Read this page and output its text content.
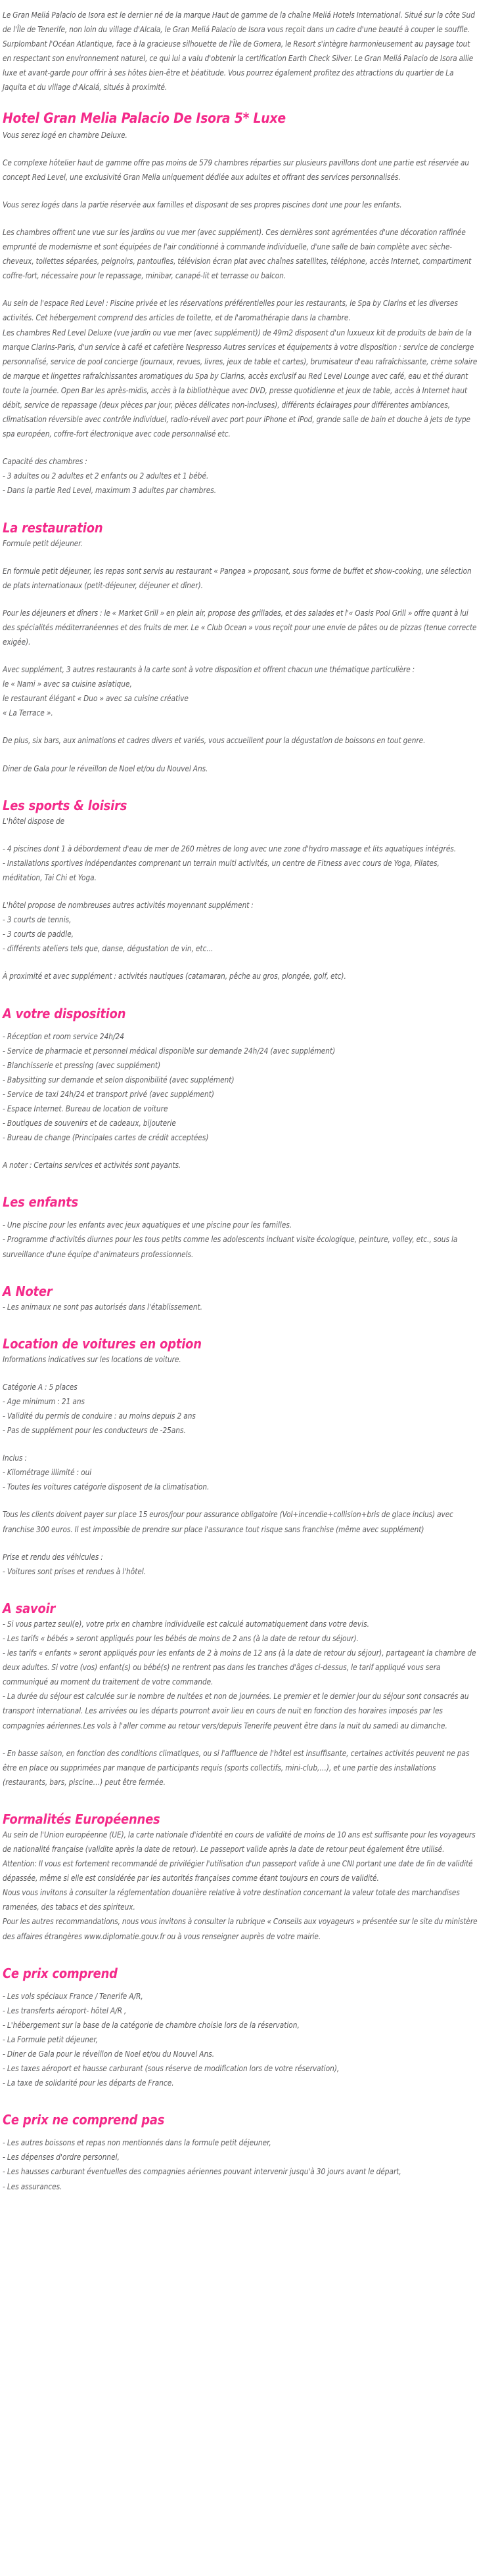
Le Gran Meliá Palacio de Isora est le dernier né de la marque Haut de gamme de la chaîne Meliá Hotels International. Situé sur la côte Sud de l'Île de Tenerife, non loin du village d'Alcala, le Gran Meliá Palacio de Isora vous reçoit dans un cadre d'une beauté à couper le souffle. Surplombant l'Océan Atlantique, face à la gracieuse silhouette de l'Île de Gomera, le Resort s'intègre harmonieusement au paysage tout en respectant son environnement naturel, ce qui lui a valu d'obtenir la certification Earth Check Silver. Le Gran Meliá Palacio de Isora allie luxe et avant-garde pour offrir à ses hôtes bien-être et béatitude. Vous pourrez également profitez des attractions du quartier de La Jaquita et du village d'Alcalá, situés à proximité.

Hotel Gran Melia Palacio De Isora 5* Luxe

Vous serez logé en chambre Deluxe.

Ce complexe hôtelier haut de gamme offre pas moins de 579 chambres réparties sur plusieurs pavillons dont une partie est réservée au concept Red Level, une exclusivité Gran Melia uniquement dédiée aux adultes et offrant des services personnalisés.

Vous serez logés dans la partie réservée aux familles et disposant de ses propres piscines dont une pour les enfants.

Les chambres offrent une vue sur les jardins ou vue mer (avec supplément). Ces dernières sont agrémentées d'une décoration raffinée emprunté de modernisme et sont équipées de l'air conditionné à commande individuelle, d'une salle de bain complète avec sèche-cheveux, toilettes séparées, peignoirs, pantoufles, télévision écran plat avec chaînes satellites, téléphone, accès Internet, compartiment coffre-fort, nécessaire pour le repassage, minibar, canapé-lit et terrasse ou balcon.

Au sein de l'espace Red Level : Piscine privée et les réservations préférentielles pour les restaurants, le Spa by Clarins et les diverses activités. Cet hébergement comprend des articles de toilette, et de l'aromathérapie dans la chambre.

Les chambres Red Level Deluxe (vue jardin ou vue mer (avec supplément)) de 49m2 disposent d'un luxueux kit de produits de bain de la marque Clarins-Paris, d'un service à café et cafetière Nespresso Autres services et équipements à votre disposition : service de concierge personnalisé, service de pool concierge (journaux, revues, livres, jeux de table et cartes), brumisateur d'eau rafraîchissante, crème solaire de marque et lingettes rafraîchissantes aromatiques du Spa by Clarins, accès exclusif au Red Level Lounge avec café, eau et thé durant toute la journée. Open Bar les après-midis, accès à la bibliothèque avec DVD, presse quotidienne et jeux de table, accès à Internet haut débit, service de repassage (deux pièces par jour, pièces délicates non-incluses), différents éclairages pour différentes ambiances, climatisation réversible avec contrôle individuel, radio-réveil avec port pour iPhone et iPod, grande salle de bain et douche à jets de type spa européen, coffre-fort électronique avec code personnalisé etc.

Capacité des chambres :

- 3 adultes ou 2 adultes et 2 enfants ou 2 adultes et 1 bébé.
- Dans la partie Red Level, maximum 3 adultes par chambres.
La restauration

Formule petit déjeuner.

En formule petit déjeuner, les repas sont servis au restaurant « Pangea » proposant, sous forme de buffet et show-cooking, une sélection de plats internationaux (petit-déjeuner, déjeuner et dîner).

Pour les déjeuners et dîners : le « Market Grill » en plein air, propose des grillades, et des salades et l'« Oasis Pool Grill » offre quant à lui des spécialités méditerranéennes et des fruits de mer. Le « Club Ocean » vous reçoit pour une envie de pâtes ou de pizzas (tenue correcte exigée).

Avec supplément, 3 autres restaurants à la carte sont à votre disposition et offrent chacun une thématique particulière :

le « Nami » avec sa cuisine asiatique,
le restaurant élégant « Duo » avec sa cuisine créative
« La Terrace ».

De plus, six bars, aux animations et cadres divers et variés, vous accueillent pour la dégustation de boissons en tout genre.

Diner de Gala pour le réveillon de Noel et/ou du Nouvel Ans.

Les sports & loisirs

L'hôtel dispose de

- 4 piscines dont 1 à débordement d'eau de mer de 260 mètres de long avec une zone d'hydro massage et lits aquatiques intégrés.
- Installations sportives indépendantes comprenant un terrain multi activités, un centre de Fitness avec cours de Yoga, Pilates, méditation, Tai Chi et Yoga.

L'hôtel propose de nombreuses autres activités moyennant supplément :

- 3 courts de tennis,
- 3 courts de paddle,
- différents ateliers tels que, danse, dégustation de vin, etc...

À proximité et avec supplément : activités nautiques (catamaran, pêche au gros, plongée, golf, etc).

A votre disposition
- Réception et room service 24h/24
- Service de pharmacie et personnel médical disponible sur demande 24h/24 (avec supplément)
- Blanchisserie et pressing (avec supplément)
- Babysitting sur demande et selon disponibilité (avec supplément)
- Service de taxi 24h/24 et transport privé (avec supplément)
- Espace Internet. Bureau de location de voiture
- Boutiques de souvenirs et de cadeaux, bijouterie
- Bureau de change (Principales cartes de crédit acceptées)

A noter : Certains services et activités sont payants.

Les enfants
- Une piscine pour les enfants avec jeux aquatiques et une piscine pour les familles.
- Programme d'activités diurnes pour les tous petits comme les adolescents incluant visite écologique, peinture, volley, etc., sous la surveillance d'une équipe d'animateurs professionnels.
A Noter
- Les animaux ne sont pas autorisés dans l'établissement.
Location de voitures en option

Informations indicatives sur les locations de voiture.

Catégorie A : 5 places

- Age minimum : 21 ans
- Validité du permis de conduire : au moins depuis 2 ans
- Pas de supplément pour les conducteurs de -25ans.

Inclus :

- Kilométrage illimité : oui
- Toutes les voitures catégorie disposent de la climatisation.

Tous les clients doivent payer sur place 15 euros/jour pour assurance obligatoire (Vol+incendie+collision+bris de glace inclus) avec franchise 300 euros. Il est impossible de prendre sur place l'assurance tout risque sans franchise (même avec supplément)

Prise et rendu des véhicules :

- Voitures sont prises et rendues à l'hôtel.
A savoir
- Si vous partez seul(e), votre prix en chambre individuelle est calculé automatiquement dans votre devis.
- Les tarifs « bébés » seront appliqués pour les bébés de moins de 2 ans (à la date de retour du séjour).
- les tarifs « enfants » seront appliqués pour les enfants de 2 à moins de 12 ans (à la date de retour du séjour), partageant la chambre de deux adultes. Si votre (vos) enfant(s) ou bébé(s) ne rentrent pas dans les tranches d'âges ci-dessus, le tarif appliqué vous sera communiqué au moment du traitement de votre commande.
- La durée du séjour est calculée sur le nombre de nuitées et non de journées. Le premier et le dernier jour du séjour sont consacrés au transport international. Les arrivées ou les départs pourront avoir lieu en cours de nuit en fonction des horaires imposés par les compagnies aériennes.Les vols à l'aller comme au retour vers/depuis Tenerife peuvent être dans la nuit du samedi au dimanche.
- En basse saison, en fonction des conditions climatiques, ou si l'affluence de l'hôtel est insuffisante, certaines activités peuvent ne pas être en place ou supprimées par manque de participants requis (sports collectifs, mini-club,…), et une partie des installations (restaurants, bars, piscine…) peut être fermée.
Formalités Européennes

Au sein de l'Union européenne (UE), la carte nationale d'identité en cours de validité de moins de 10 ans est suffisante pour les voyageurs de nationalité française (validite après la date de retour). Le passeport valide après la date de retour peut également être utilisé.

Attention: Il vous est fortement recommandé de privilégier l'utilisation d'un passeport valide à une CNI portant une date de fin de validité dépassée, même si elle est considérée par les autorités françaises comme étant toujours en cours de validité.

Nous vous invitons à consulter la réglementation douanière relative à votre destination concernant la valeur totale des marchandises ramenées, des tabacs et des spiriteux.

Pour les autres recommandations, nous vous invitons à consulter la rubrique « Conseils aux voyageurs » présentée sur le site du ministère des affaires étrangères www.diplomatie.gouv.fr ou à vous renseigner auprès de votre mairie.

Ce prix comprend
- Les vols spéciaux France / Tenerife A/R,
- Les transferts aéroport- hôtel A/R ,
- L'hébergement sur la base de la catégorie de chambre choisie lors de la réservation,
- La Formule petit déjeuner,
- Diner de Gala pour le réveillon de Noel et/ou du Nouvel Ans.
- Les taxes aéroport et hausse carburant (sous réserve de modification lors de votre réservation),
- La taxe de solidarité pour les départs de France.
Ce prix ne comprend pas
- Les autres boissons et repas non mentionnés dans la formule petit déjeuner,
- Les dépenses d'ordre personnel,
- Les hausses carburant éventuelles des compagnies aériennes pouvant intervenir jusqu'à 30 jours avant le départ,
- Les assurances.
